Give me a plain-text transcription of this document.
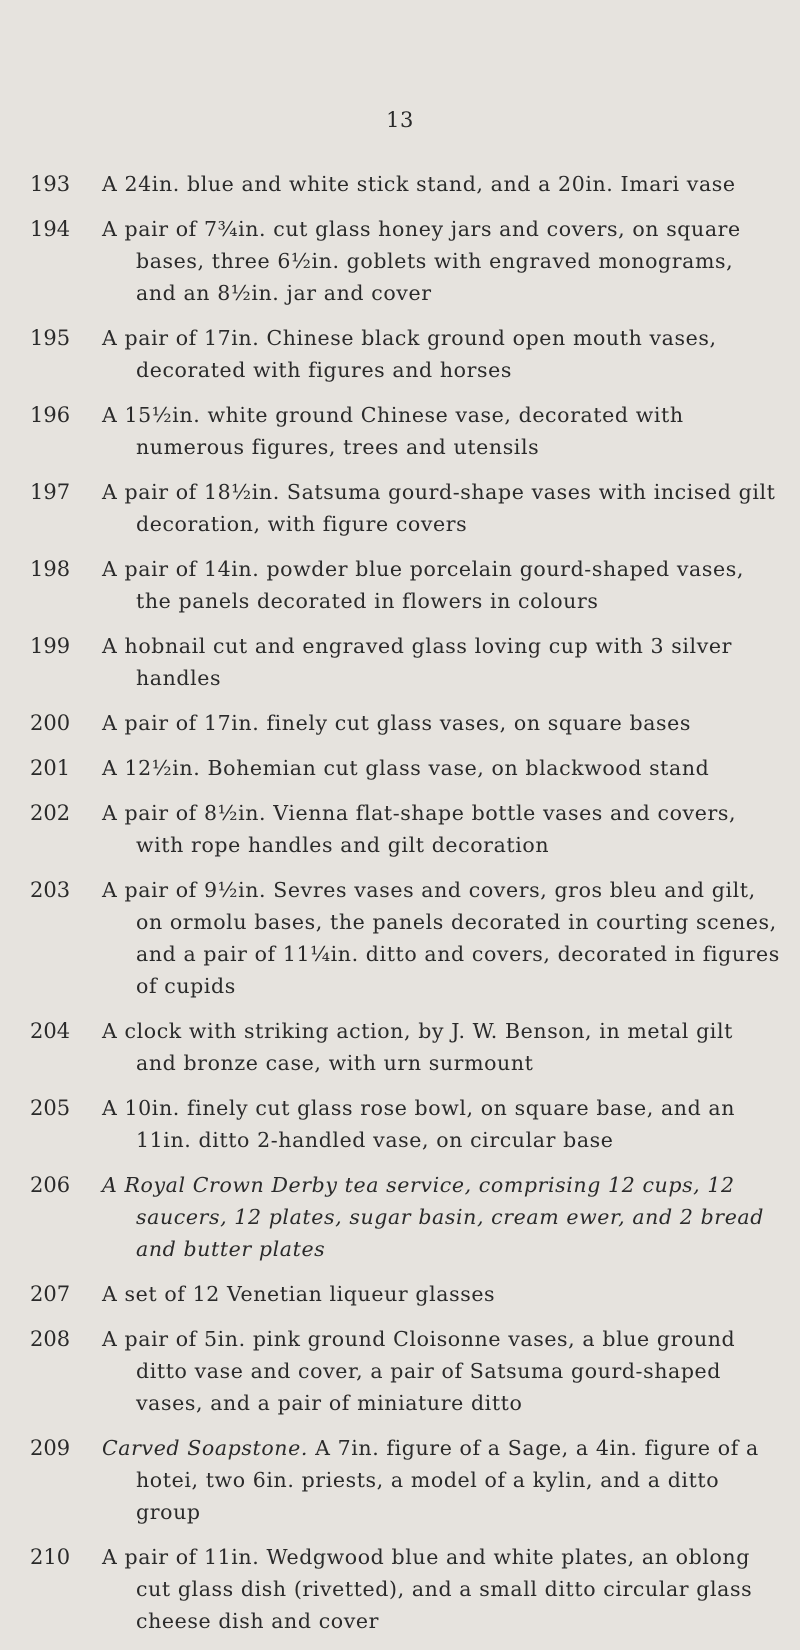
13
193	A 24in. blue and white stick stand, and a 20in. Imari vase
194	A pair of 7¾in. cut glass honey jars and covers, on square bases, three 6½in. goblets with engraved monograms, and an 8½in. jar and cover
195	A pair of 17in. Chinese black ground open mouth vases, decorated with figures and horses
196	A 15½in. white ground Chinese vase, decorated with numerous figures, trees and utensils
197	A pair of 18½in. Satsuma gourd-shape vases with incised gilt decoration, with figure covers
198	A pair of 14in. powder blue porcelain gourd-shaped vases, the panels decorated in flowers in colours
199	A hobnail cut and engraved glass loving cup with 3 silver handles
200	A pair of 17in. finely cut glass vases, on square bases
201	A 12½in. Bohemian cut glass vase, on blackwood stand
202	A pair of 8½in. Vienna flat-shape bottle vases and covers, with rope handles and gilt decoration
203	A pair of 9½in. Sevres vases and covers, gros bleu and gilt, on ormolu bases, the panels decorated in courting scenes, and a pair of 11¼in. ditto and covers, decorated in figures of cupids
204	A clock with striking action, by J. W. Benson, in metal gilt and bronze case, with urn surmount
205	A 10in. finely cut glass rose bowl, on square base, and an 11in. ditto 2-handled vase, on circular base
206	A Royal Crown Derby tea service, comprising 12 cups, 12 saucers, 12 plates, sugar basin, cream ewer, and 2 bread and butter plates
207	A set of 12 Venetian liqueur glasses
208	A pair of 5in. pink ground Cloisonne vases, a blue ground ditto vase and cover, a pair of Satsuma gourd-shaped vases, and a pair of miniature ditto
209	Carved Soapstone. A 7in. figure of a Sage, a 4in. figure of a hotei, two 6in. priests, a model of a kylin, and a ditto group
210	A pair of 11in. Wedgwood blue and white plates, an oblong cut glass dish (rivetted), and a small ditto circular glass cheese dish and cover
